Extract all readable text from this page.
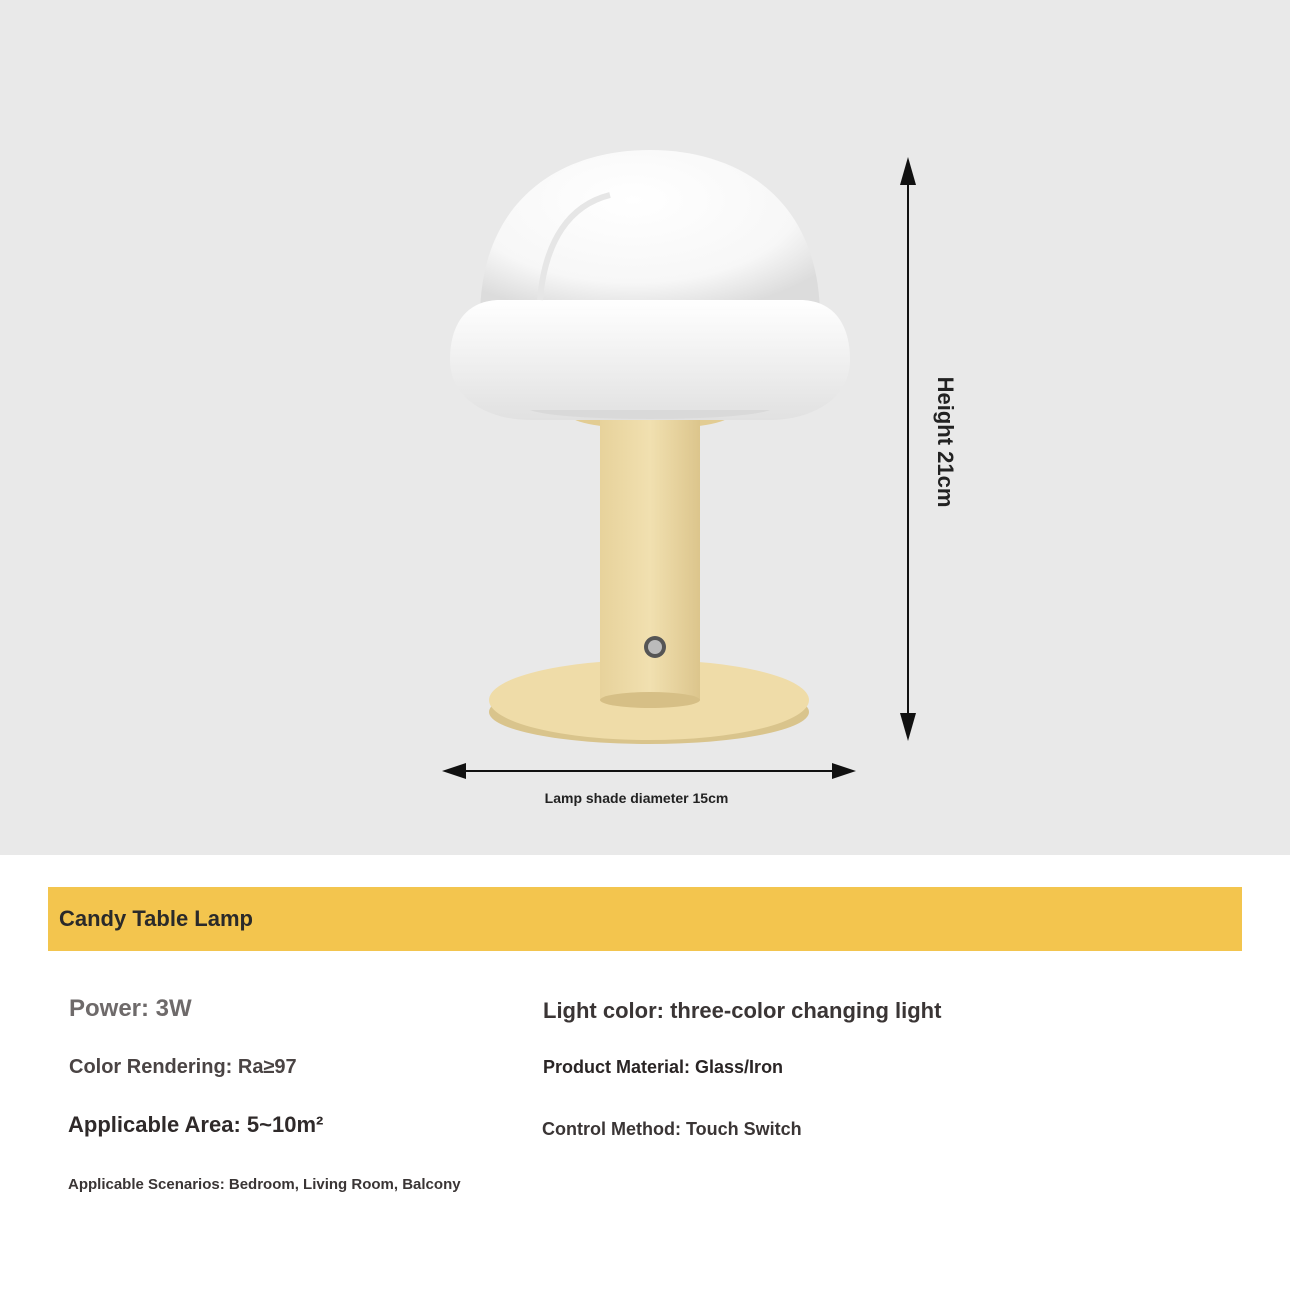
Lamp shade diameter 15cm
Height 21cm
Candy Table Lamp
Power: 3W
Color Rendering: Ra≥97
Applicable Area: 5~10m²
Applicable Scenarios: Bedroom, Living Room, Balcony
Light color: three-color changing light
Product Material: Glass/Iron
Control Method: Touch Switch
